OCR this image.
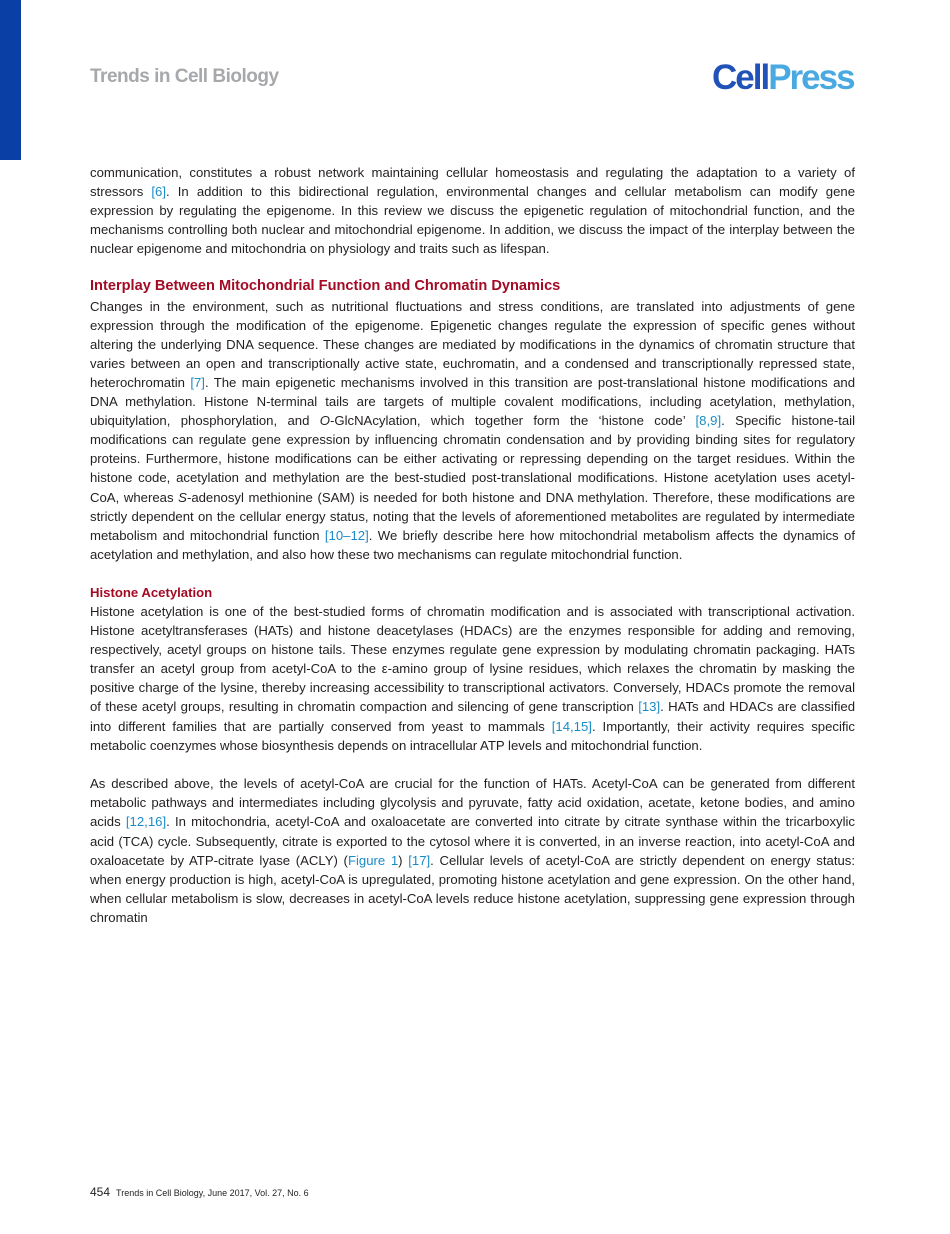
Trends in Cell Biology	CellPress

communication, constitutes a robust network maintaining cellular homeostasis and regulating the adaptation to a variety of stressors [6]. In addition to this bidirectional regulation, environmental changes and cellular metabolism can modify gene expression by regulating the epigenome. In this review we discuss the epigenetic regulation of mitochondrial function, and the mechanisms controlling both nuclear and mitochondrial epigenome. In addition, we discuss the impact of the interplay between the nuclear epigenome and mitochondria on physiology and traits such as lifespan.

Interplay Between Mitochondrial Function and Chromatin Dynamics

Changes in the environment, such as nutritional fluctuations and stress conditions, are translated into adjustments of gene expression through the modification of the epigenome. Epigenetic changes regulate the expression of specific genes without altering the underlying DNA sequence. These changes are mediated by modifications in the dynamics of chromatin structure that varies between an open and transcriptionally active state, euchromatin, and a condensed and transcriptionally repressed state, heterochromatin [7]. The main epigenetic mechanisms involved in this transition are post-translational histone modifications and DNA methylation. Histone N-terminal tails are targets of multiple covalent modifications, including acetylation, methylation, ubiquitylation, phosphorylation, and O-GlcNAcylation, which together form the ‘histone code’ [8,9]. Specific histone-tail modifications can regulate gene expression by influencing chromatin condensation and by providing binding sites for regulatory proteins. Furthermore, histone modifications can be either activating or repressing depending on the target residues. Within the histone code, acetylation and methylation are the best-studied post-translational modifications. Histone acetylation uses acetyl-CoA, whereas S-adenosyl methionine (SAM) is needed for both histone and DNA methylation. Therefore, these modifications are strictly dependent on the cellular energy status, noting that the levels of aforementioned metabolites are regulated by intermediate metabolism and mitochondrial function [10–12]. We briefly describe here how mitochondrial metabolism affects the dynamics of acetylation and methylation, and also how these two mechanisms can regulate mitochondrial function.

Histone Acetylation

Histone acetylation is one of the best-studied forms of chromatin modification and is associated with transcriptional activation. Histone acetyltransferases (HATs) and histone deacetylases (HDACs) are the enzymes responsible for adding and removing, respectively, acetyl groups on histone tails. These enzymes regulate gene expression by modulating chromatin packaging. HATs transfer an acetyl group from acetyl-CoA to the ε-amino group of lysine residues, which relaxes the chromatin by masking the positive charge of the lysine, thereby increasing accessibility to transcriptional activators. Conversely, HDACs promote the removal of these acetyl groups, resulting in chromatin compaction and silencing of gene transcription [13]. HATs and HDACs are classified into different families that are partially conserved from yeast to mammals [14,15]. Importantly, their activity requires specific metabolic coenzymes whose biosynthesis depends on intracellular ATP levels and mitochondrial function.

As described above, the levels of acetyl-CoA are crucial for the function of HATs. Acetyl-CoA can be generated from different metabolic pathways and intermediates including glycolysis and pyruvate, fatty acid oxidation, acetate, ketone bodies, and amino acids [12,16]. In mitochondria, acetyl-CoA and oxaloacetate are converted into citrate by citrate synthase within the tricarboxylic acid (TCA) cycle. Subsequently, citrate is exported to the cytosol where it is converted, in an inverse reaction, into acetyl-CoA and oxaloacetate by ATP-citrate lyase (ACLY) (Figure 1) [17]. Cellular levels of acetyl-CoA are strictly dependent on energy status: when energy production is high, acetyl-CoA is upregulated, promoting histone acetylation and gene expression. On the other hand, when cellular metabolism is slow, decreases in acetyl-CoA levels reduce histone acetylation, suppressing gene expression through chromatin

454 Trends in Cell Biology, June 2017, Vol. 27, No. 6
